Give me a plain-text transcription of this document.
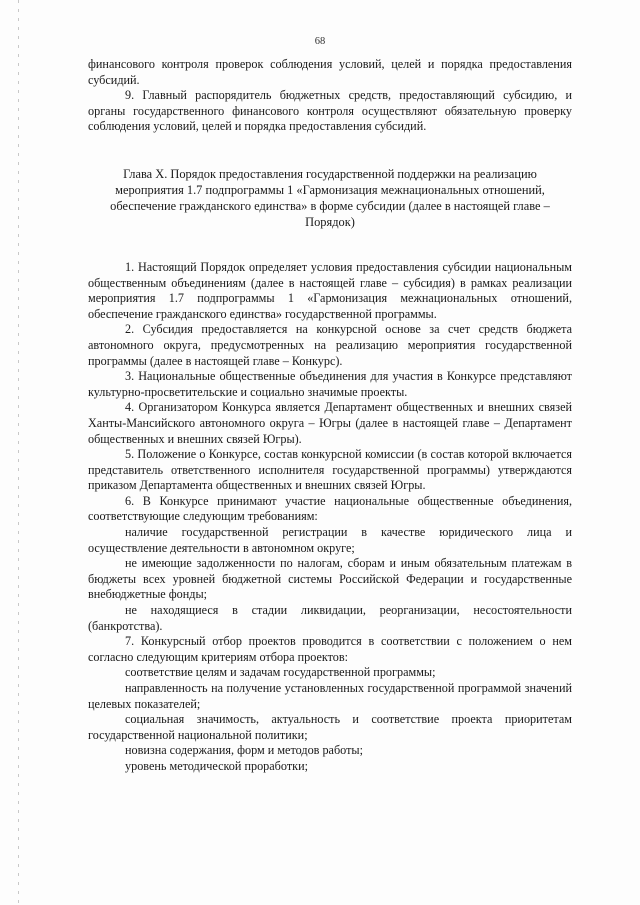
68

финансового контроля проверок соблюдения условий, целей и порядка предоставления субсидий.

9. Главный распорядитель бюджетных средств, предоставляющий субсидию, и органы государственного финансового контроля осуществляют обязательную проверку соблюдения условий, целей и порядка предоставления субсидий.

Глава X. Порядок предоставления государственной поддержки на реализацию мероприятия 1.7 подпрограммы 1 «Гармонизация межнациональных отношений, обеспечение гражданского единства» в форме субсидии (далее в настоящей главе – Порядок)

1. Настоящий Порядок определяет условия предоставления субсидии национальным общественным объединениям (далее в настоящей главе – субсидия) в рамках реализации мероприятия 1.7 подпрограммы 1 «Гармонизация межнациональных отношений, обеспечение гражданского единства» государственной программы.

2. Субсидия предоставляется на конкурсной основе за счет средств бюджета автономного округа, предусмотренных на реализацию мероприятия государственной программы (далее в настоящей главе – Конкурс).

3. Национальные общественные объединения для участия в Конкурсе представляют культурно-просветительские и социально значимые проекты.

4. Организатором Конкурса является Департамент общественных и внешних связей Ханты-Мансийского автономного округа – Югры (далее в настоящей главе – Департамент общественных и внешних связей Югры).

5. Положение о Конкурсе, состав конкурсной комиссии (в состав которой включается представитель ответственного исполнителя государственной программы) утверждаются приказом Департамента общественных и внешних связей Югры.

6. В Конкурсе принимают участие национальные общественные объединения, соответствующие следующим требованиям:

наличие государственной регистрации в качестве юридического лица и осуществление деятельности в автономном округе;

не имеющие задолженности по налогам, сборам и иным обязательным платежам в бюджеты всех уровней бюджетной системы Российской Федерации и государственные внебюджетные фонды;

не находящиеся в стадии ликвидации, реорганизации, несостоятельности (банкротства).

7. Конкурсный отбор проектов проводится в соответствии с положением о нем согласно следующим критериям отбора проектов:

соответствие целям и задачам государственной программы;

направленность на получение установленных государственной программой значений целевых показателей;

социальная значимость, актуальность и соответствие проекта приоритетам государственной национальной политики;

новизна содержания, форм и методов работы;

уровень методической проработки;
